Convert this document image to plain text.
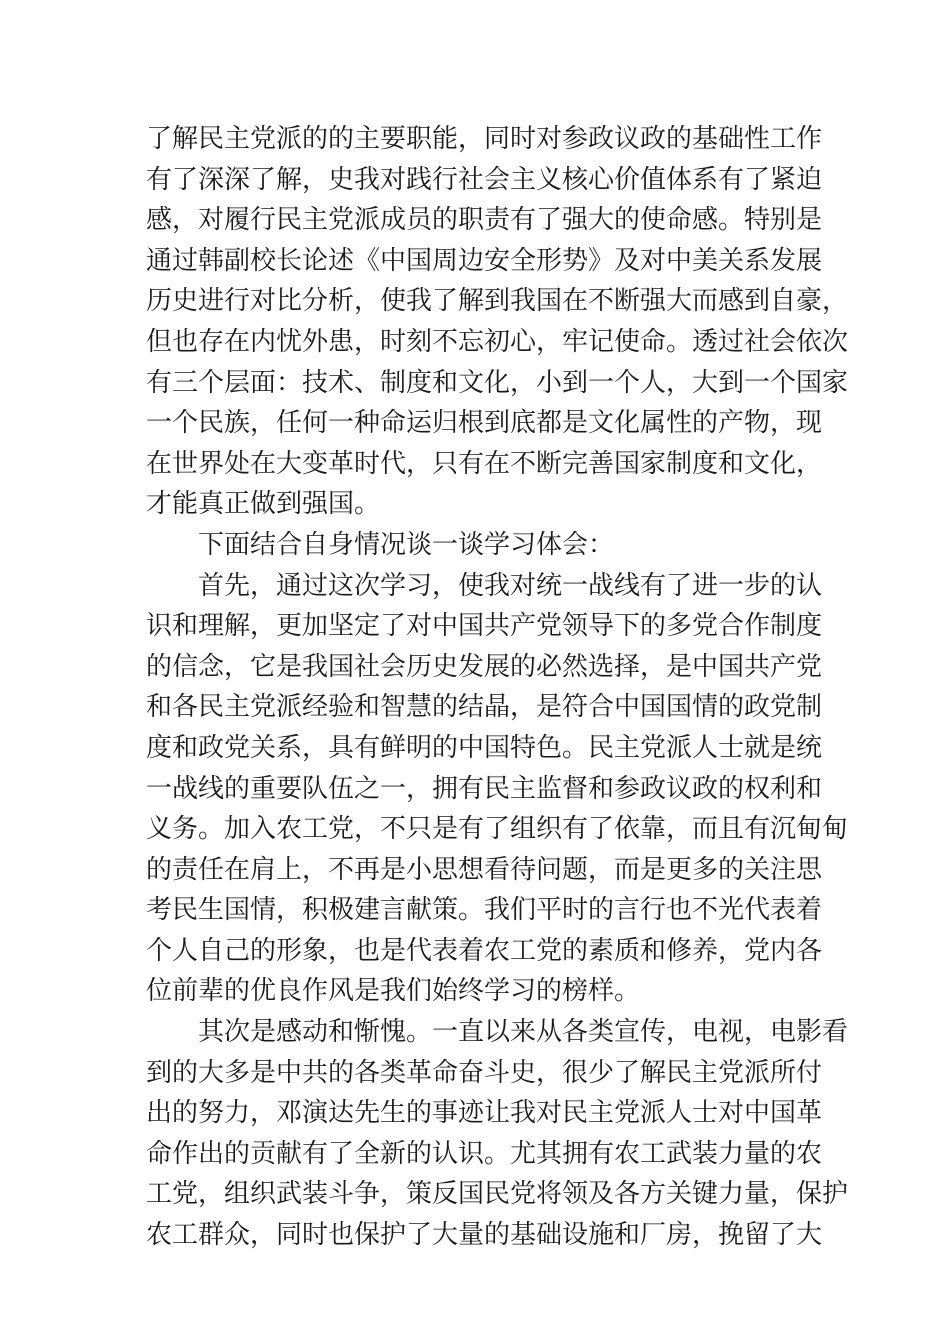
了解民主党派的的主要职能，同时对参政议政的基础性工作
有了深深了解，史我对践行社会主义核心价值体系有了紧迫
感，对履行民主党派成员的职责有了强大的使命感。特别是
通过韩副校长论述《中国周边安全形势》及对中美关系发展
历史进行对比分析，使我了解到我国在不断强大而感到自豪，
但也存在内忧外患，时刻不忘初心，牢记使命。透过社会依次
有三个层面：技术、制度和文化，小到一个人，大到一个国家
一个民族，任何一种命运归根到底都是文化属性的产物，现
在世界处在大变革时代，只有在不断完善国家制度和文化，
才能真正做到强国。
下面结合自身情况谈一谈学习体会：
首先，通过这次学习，使我对统一战线有了进一步的认
识和理解，更加坚定了对中国共产党领导下的多党合作制度
的信念，它是我国社会历史发展的必然选择，是中国共产党
和各民主党派经验和智慧的结晶，是符合中国国情的政党制
度和政党关系，具有鲜明的中国特色。民主党派人士就是统
一战线的重要队伍之一，拥有民主监督和参政议政的权利和
义务。加入农工党，不只是有了组织有了依靠，而且有沉甸甸
的责任在肩上，不再是小思想看待问题，而是更多的关注思
考民生国情，积极建言献策。我们平时的言行也不光代表着
个人自己的形象，也是代表着农工党的素质和修养，党内各
位前辈的优良作风是我们始终学习的榜样。
其次是感动和惭愧。一直以来从各类宣传，电视，电影看
到的大多是中共的各类革命奋斗史，很少了解民主党派所付
出的努力，邓演达先生的事迹让我对民主党派人士对中国革
命作出的贡献有了全新的认识。尤其拥有农工武装力量的农
工党，组织武装斗争，策反国民党将领及各方关键力量，保护
农工群众，同时也保护了大量的基础设施和厂房，挽留了大
